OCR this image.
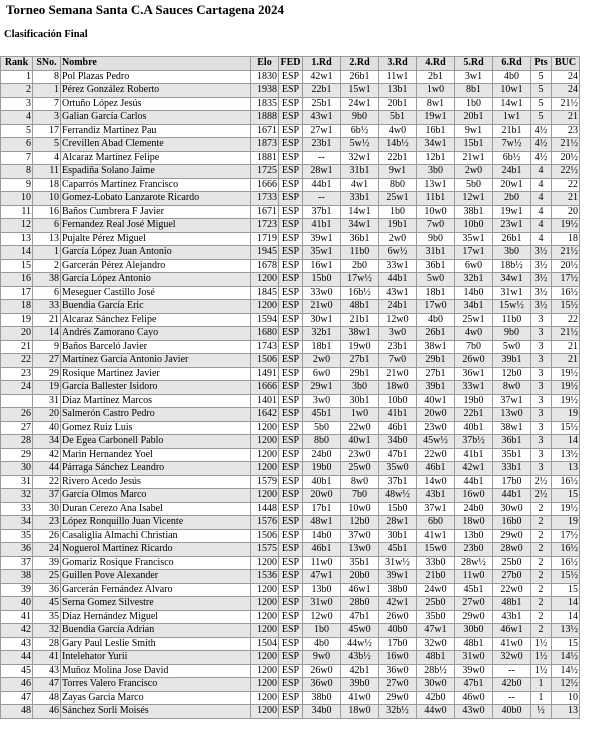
Torneo Semana Santa C.A Sauces Cartagena 2024
Clasificación Final
Rank	SNo.	Nombre	Elo	FED	1.Rd	2.Rd	3.Rd	4.Rd	5.Rd	6.Rd	Pts	BUC
1	8	Pol Plazas Pedro	1830	ESP	42w1	26b1	11w1	2b1	3w1	4b0	5	24
2	1	Pérez González Roberto	1938	ESP	22b1	15w1	13b1	1w0	8b1	10w1	5	24
3	7	Ortuño López Jesús	1835	ESP	25b1	24w1	20b1	8w1	1b0	14w1	5	21½
4	3	Galian García Carlos	1888	ESP	43w1	9b0	5b1	19w1	20b1	1w1	5	21
5	17	Ferrandiz Martinez Pau	1671	ESP	27w1	6b½	4w0	16b1	9w1	21b1	4½	23
6	5	Crevillen Abad Clemente	1873	ESP	23b1	5w½	14b½	34w1	15b1	7w½	4½	21½
7	4	Alcaraz Martínez Felipe	1881	ESP	--	32w1	22b1	12b1	21w1	6b½	4½	20½
8	11	Espadiña Solano Jaime	1725	ESP	28w1	31b1	9w1	3b0	2w0	24b1	4	22½
9	18	Caparrós Martínez Francisco	1666	ESP	44b1	4w1	8b0	13w1	5b0	20w1	4	22
10	10	Gomez-Lobato Lanzarote Ricardo	1733	ESP	--	33b1	25w1	11b1	12w1	2b0	4	21
11	16	Baños Cumbrera F Javier	1671	ESP	37b1	14w1	1b0	10w0	38b1	19w1	4	20
12	6	Fernandez Real José Miguel	1723	ESP	41b1	34w1	19b1	7w0	10b0	23w1	4	19½
13	13	Pujalte Pérez Miguel	1719	ESP	39w1	36b1	2w0	9b0	35w1	26b1	4	18
14	1	García López Juan Antonio	1945	ESP	35w1	11b0	6w½	31b1	17w1	3b0	3½	21½
15	2	Garcerán Pérez Alejandro	1678	ESP	16w1	2b0	33w1	36b1	6w0	18b½	3½	20½
16	38	García López Antonio	1200	ESP	15b0	17w½	44b1	5w0	32b1	34w1	3½	17½
17	6	Meseguer Castillo José	1845	ESP	33w0	16b½	43w1	18b1	14b0	31w1	3½	16½
18	33	Buendia García Eric	1200	ESP	21w0	48b1	24b1	17w0	34b1	15w½	3½	15½
19	21	Alcaraz Sánchez Felipe	1594	ESP	30w1	21b1	12w0	4b0	25w1	11b0	3	22
20	14	Andrés Zamorano Cayo	1680	ESP	32b1	38w1	3w0	26b1	4w0	9b0	3	21½
21	9	Baños Barceló Javier	1743	ESP	18b1	19w0	23b1	38w1	7b0	5w0	3	21
22	27	Martínez García Antonio Javier	1506	ESP	2w0	27b1	7w0	29b1	26w0	39b1	3	21
23	29	Rosique Martinez Javier	1491	ESP	6w0	29b1	21w0	27b1	36w1	12b0	3	19½
24	19	García Ballester Isidoro	1666	ESP	29w1	3b0	18w0	39b1	33w1	8w0	3	19½
	31	Diaz Martinez Marcos	1401	ESP	3w0	30b1	10b0	40w1	19b0	37w1	3	19½
26	20	Salmerón Castro Pedro	1642	ESP	45b1	1w0	41b1	20w0	22b1	13w0	3	19
27	40	Gomez Ruiz Luis	1200	ESP	5b0	22w0	46b1	23w0	40b1	38w1	3	15½
28	34	De Egea Carbonell Pablo	1200	ESP	8b0	40w1	34b0	45w½	37b½	36b1	3	14
29	42	Marin Hernandez Yoel	1200	ESP	24b0	23w0	47b1	22w0	41b1	35b1	3	13½
30	44	Párraga Sánchez Leandro	1200	ESP	19b0	25w0	35w0	46b1	42w1	33b1	3	13
31	22	Rivero Acedo Jesús	1579	ESP	40b1	8w0	37b1	14w0	44b1	17b0	2½	16½
32	37	García Olmos Marco	1200	ESP	20w0	7b0	48w½	43b1	16w0	44b1	2½	15
33	30	Duran Cerezo Ana Isabel	1448	ESP	17b1	10w0	15b0	37w1	24b0	30w0	2	19½
34	23	López Ronquillo Juan Vicente	1576	ESP	48w1	12b0	28w1	6b0	18w0	16b0	2	19
35	26	Casaliglia Almachi Christian	1506	ESP	14b0	37w0	30b1	41w1	13b0	29w0	2	17½
36	24	Noguerol Martinez Ricardo	1575	ESP	46b1	13w0	45b1	15w0	23b0	28w0	2	16½
37	39	Gomariz Rosique Francisco	1200	ESP	11w0	35b1	31w½	33b0	28w½	25b0	2	16½
38	25	Guillen Pove Alexander	1536	ESP	47w1	20b0	39w1	21b0	11w0	27b0	2	15½
39	36	Garcerán Fernández Alvaro	1200	ESP	13b0	46w1	38b0	24w0	45b1	22w0	2	15
40	45	Serna Gomez Silvestre	1200	ESP	31w0	28b0	42w1	25b0	27w0	48b1	2	14
41	35	Diaz Hernández Miguel	1200	ESP	12w0	47b1	26w0	35b0	29w0	43b1	2	14
42	32	Buendia García Adrian	1200	ESP	1b0	45w0	40b0	47w1	30b0	46w1	2	13½
43	28	Gary Paul Leslie Smith	1504	ESP	4b0	44w½	17b0	32w0	48b1	41w0	1½	15
44	41	Intelehator Yurii	1200	ESP	9w0	43b½	16w0	48b1	31w0	32w0	1½	14½
45	43	Muñoz Molina Jose David	1200	ESP	26w0	42b1	36w0	28b½	39w0	--	1½	14½
46	47	Torres Valero Francisco	1200	ESP	36w0	39b0	27w0	30w0	47b1	42b0	1	12½
47	48	Zayas García Marco	1200	ESP	38b0	41w0	29w0	42b0	46w0	--	1	10
48	46	Sánchez Sorli Moisés	1200	ESP	34b0	18w0	32b½	44w0	43w0	40b0	½	13
